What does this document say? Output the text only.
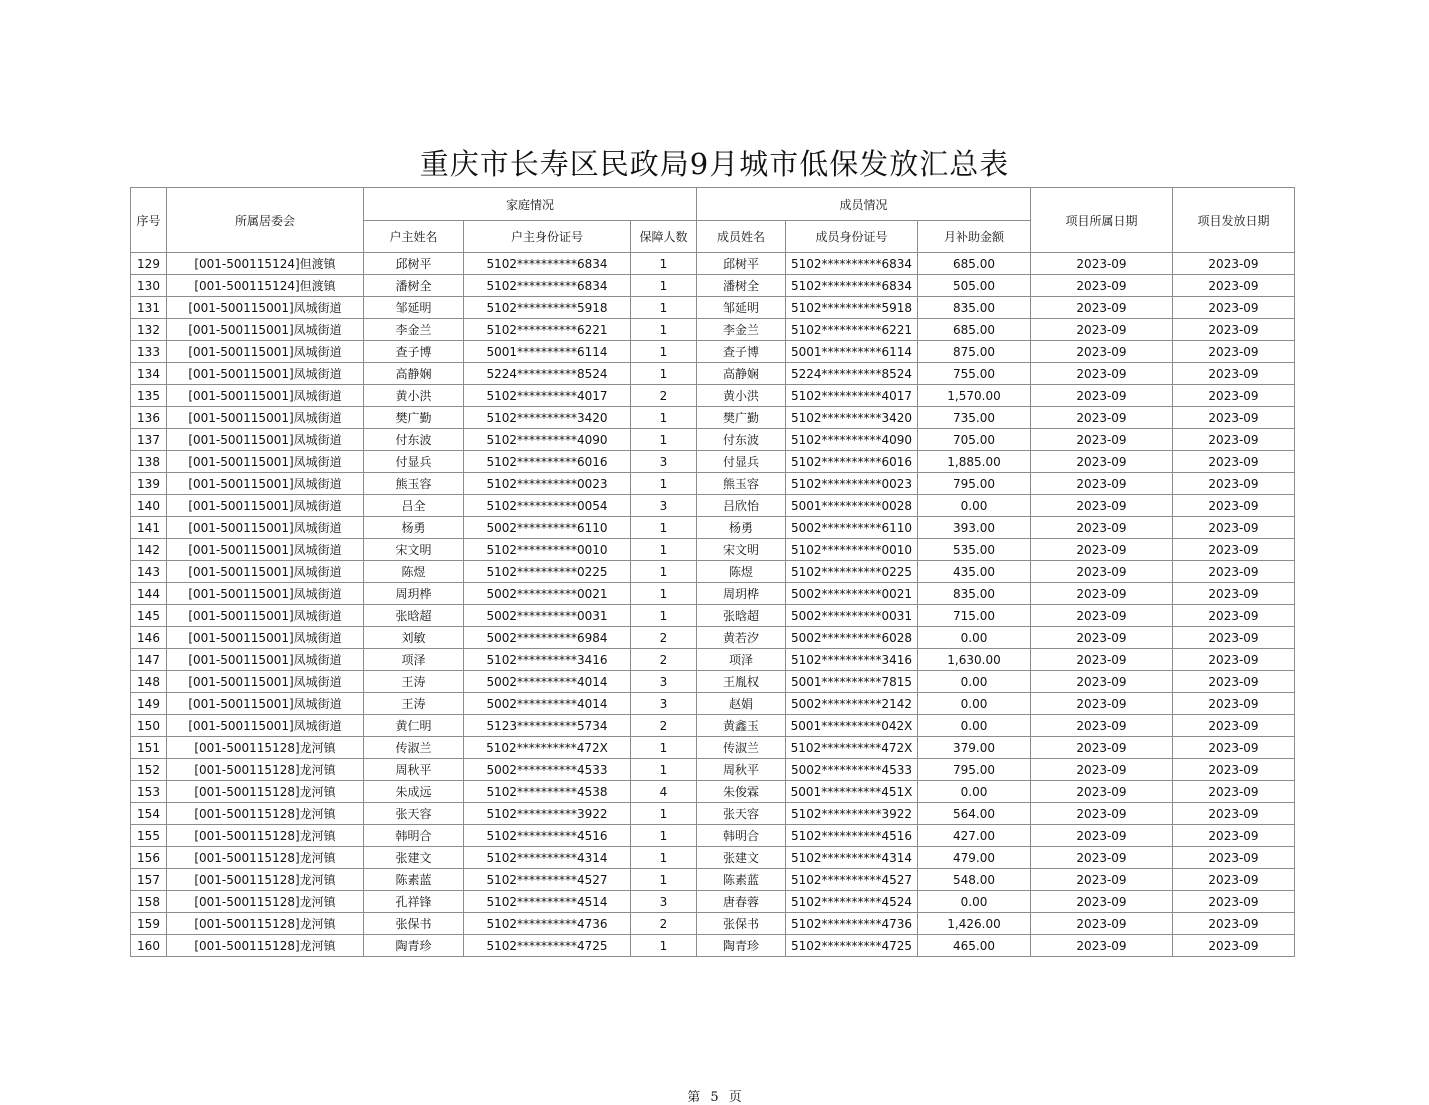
重庆市长寿区民政局9月城市低保发放汇总表
序号	所属居委会	家庭情况			成员情况			项目所属日期	项目发放日期
		户主姓名	户主身份证号	保障人数	成员姓名	成员身份证号	月补助金额		
129	[001-500115124]但渡镇	邱树平	5102**********6834	1	邱树平	5102**********6834	685.00	2023-09	2023-09
130	[001-500115124]但渡镇	潘树全	5102**********6834	1	潘树全	5102**********6834	505.00	2023-09	2023-09
131	[001-500115001]凤城街道	邹延明	5102**********5918	1	邹延明	5102**********5918	835.00	2023-09	2023-09
132	[001-500115001]凤城街道	李金兰	5102**********6221	1	李金兰	5102**********6221	685.00	2023-09	2023-09
133	[001-500115001]凤城街道	查子博	5001**********6114	1	查子博	5001**********6114	875.00	2023-09	2023-09
134	[001-500115001]凤城街道	高静娴	5224**********8524	1	高静娴	5224**********8524	755.00	2023-09	2023-09
135	[001-500115001]凤城街道	黄小洪	5102**********4017	2	黄小洪	5102**********4017	1,570.00	2023-09	2023-09
136	[001-500115001]凤城街道	樊广勤	5102**********3420	1	樊广勤	5102**********3420	735.00	2023-09	2023-09
137	[001-500115001]凤城街道	付东波	5102**********4090	1	付东波	5102**********4090	705.00	2023-09	2023-09
138	[001-500115001]凤城街道	付显兵	5102**********6016	3	付显兵	5102**********6016	1,885.00	2023-09	2023-09
139	[001-500115001]凤城街道	熊玉容	5102**********0023	1	熊玉容	5102**********0023	795.00	2023-09	2023-09
140	[001-500115001]凤城街道	吕全	5102**********0054	3	吕欣怡	5001**********0028	0.00	2023-09	2023-09
141	[001-500115001]凤城街道	杨勇	5002**********6110	1	杨勇	5002**********6110	393.00	2023-09	2023-09
142	[001-500115001]凤城街道	宋文明	5102**********0010	1	宋文明	5102**********0010	535.00	2023-09	2023-09
143	[001-500115001]凤城街道	陈煜	5102**********0225	1	陈煜	5102**********0225	435.00	2023-09	2023-09
144	[001-500115001]凤城街道	周玥桦	5002**********0021	1	周玥桦	5002**********0021	835.00	2023-09	2023-09
145	[001-500115001]凤城街道	张晗超	5002**********0031	1	张晗超	5002**********0031	715.00	2023-09	2023-09
146	[001-500115001]凤城街道	刘敏	5002**********6984	2	黄若汐	5002**********6028	0.00	2023-09	2023-09
147	[001-500115001]凤城街道	项泽	5102**********3416	2	项泽	5102**********3416	1,630.00	2023-09	2023-09
148	[001-500115001]凤城街道	王涛	5002**********4014	3	王胤权	5001**********7815	0.00	2023-09	2023-09
149	[001-500115001]凤城街道	王涛	5002**********4014	3	赵娟	5002**********2142	0.00	2023-09	2023-09
150	[001-500115001]凤城街道	黄仁明	5123**********5734	2	黄鑫玉	5001**********042X	0.00	2023-09	2023-09
151	[001-500115128]龙河镇	传淑兰	5102**********472X	1	传淑兰	5102**********472X	379.00	2023-09	2023-09
152	[001-500115128]龙河镇	周秋平	5002**********4533	1	周秋平	5002**********4533	795.00	2023-09	2023-09
153	[001-500115128]龙河镇	朱成远	5102**********4538	4	朱俊霖	5001**********451X	0.00	2023-09	2023-09
154	[001-500115128]龙河镇	张天容	5102**********3922	1	张天容	5102**********3922	564.00	2023-09	2023-09
155	[001-500115128]龙河镇	韩明合	5102**********4516	1	韩明合	5102**********4516	427.00	2023-09	2023-09
156	[001-500115128]龙河镇	张建文	5102**********4314	1	张建文	5102**********4314	479.00	2023-09	2023-09
157	[001-500115128]龙河镇	陈素蓝	5102**********4527	1	陈素蓝	5102**********4527	548.00	2023-09	2023-09
158	[001-500115128]龙河镇	孔祥锋	5102**********4514	3	唐春蓉	5102**********4524	0.00	2023-09	2023-09
159	[001-500115128]龙河镇	张保书	5102**********4736	2	张保书	5102**********4736	1,426.00	2023-09	2023-09
160	[001-500115128]龙河镇	陶青珍	5102**********4725	1	陶青珍	5102**********4725	465.00	2023-09	2023-09
第 5 页
